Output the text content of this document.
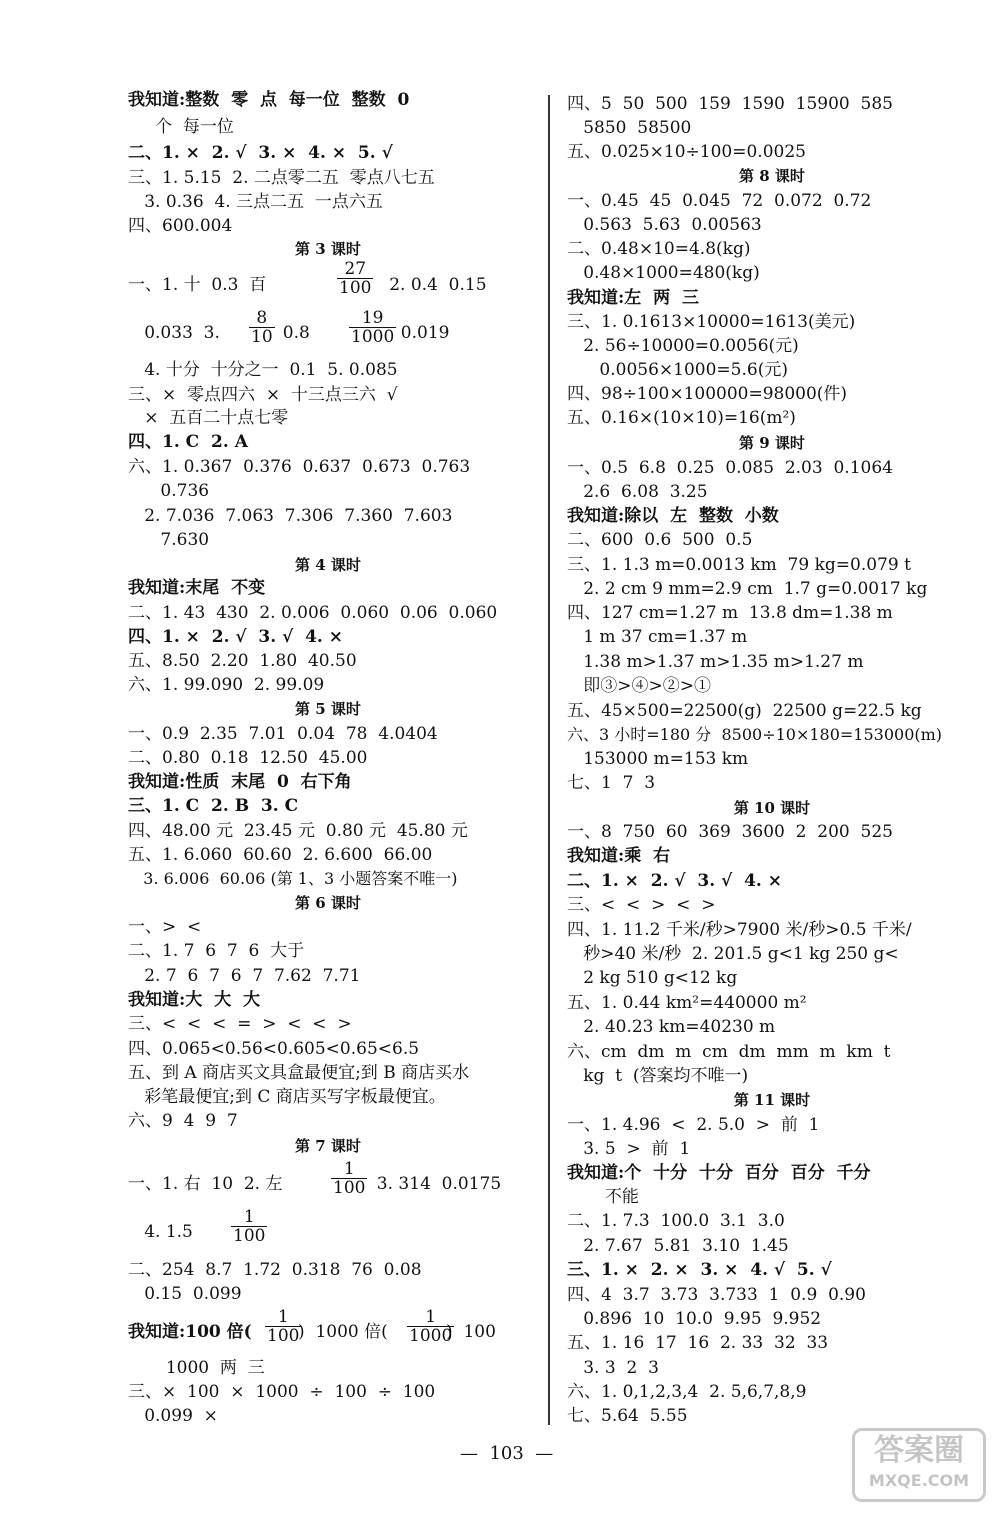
我知道:整数  零  点  每一位  整数  0
个  每一位
二、1. ×  2. √  3. ×  4. ×  5. √
三、1. 5.15  2. 二点零二五  零点八七五
3. 0.36  4. 三点二五  一点六五
四、600.004
第 3 课时
一、1. 十  0.3  百	$\frac{27}{100} 2$. 0.4  0.15
0.033  3. $\frac{8}{10}$
$0.8 \frac{19}{1000}$
0.019
4. 十分  十分之一  0.1  5. 0.085
三、×  零点四六  ×  十三点三六  √
×  五百二十点七零
四、1. C  2. A
六、1. 0.367  0.376  0.637  0.673  0.763
0.736
2. 7.036  7.063  7.306  7.360  7.603
7.630
第 4 课时
我知道:末尾  不变
二、1. 43  430  2. 0.006  0.060  0.06  0.060
四、1. ×  2. √  3. √  4. ×
五、8.50  2.20  1.80  40.50
六、1. 99.090  2. 99.09
第 5 课时
一、0.9  2.35  7.01  0.04  78  4.0404
二、0.80  0.18  12.50  45.00
我知道:性质  末尾  0  右下角
三、1. C  2. B  3. C
四、48.00 元  23.45 元  0.80 元  45.80 元
五、1. 6.060  60.60  2. 6.600  66.00
3. 6.006  60.06 (第 1、3 小题答案不唯一)
第 6 课时
一、>  <
二、1. 7  6  7  6  大于
2. 7  6  7  6  7  7.62  7.71
我知道:大  大  大
三、<  <  <  =  >  <  <  >
四、0.065<0.56<0.605<0.65<6.5
五、到 A 商店买文具盒最便宜;到 B 商店买水
彩笔最便宜;到 C 商店买写字板最便宜。
六、9  4  9  7
第 7 课时
一、1. 右  10  2. 左	$\frac{1}{100}$
3. 314  0.0175
4. $1.5 \frac{1}{100}$
二、254  8.7  1.72  0.318  76  0.08
0.15  0.099
我知道:100 倍( $\frac{1}{100}$
)  1000 倍( $\frac{1}{1000}$
)  100
1000  两  三
三、×  100  ×  1000  ÷  100  ÷  100
0.099  ×
四、5  50  500  159  1590  15900  585
5850  58500
五、0.025×10÷100=0.0025
第 8 课时
一、0.45  45  0.045  72  0.072  0.72
0.563  5.63  0.00563
二、0.48×10=4.8(kg)
0.48×1000=480(kg)
我知道:左  两  三
三、1. 0.1613×10000=1613(美元)
2. 56÷10000=0.0056(元)
0.0056×1000=5.6(元)
四、98÷100×100000=98000(件)
五、0.16×(10×10)=16(m²)
第 9 课时
一、0.5  6.8  0.25  0.085  2.03  0.1064
2.6  6.08  3.25
我知道:除以  左  整数  小数
二、600  0.6  500  0.5
三、1. 1.3 m=0.0013 km  79 kg=0.079 t
2. 2 cm 9 mm=2.9 cm  1.7 g=0.0017 kg
四、127 cm=1.27 m  13.8 dm=1.38 m
1 m 37 cm=1.37 m
1.38 m>1.37 m>1.35 m>1.27 m
即③>④>②>①
五、45×500=22500(g)  22500 g=22.5 kg
六、3 小时=180 分  8500÷10×180=153000(m)
153000 m=153 km
七、1  7  3
第 10 课时
一、8  750  60  369  3600  2  200  525
我知道:乘  右
二、1. ×  2. √  3. √  4. ×
三、<  <  >  <  >
四、1. 11.2 千米/秒>7900 米/秒>0.5 千米/
秒>40 米/秒  2. 201.5 g<1 kg 250 g<
2 kg 510 g<12 kg
五、1. 0.44 km²=440000 m²
2. 40.23 km=40230 m
六、cm  dm  m  cm  dm  mm  m  km  t
kg  t  (答案均不唯一)
第 11 课时
一、1. 4.96  <  2. 5.0  >  前  1
3. 5  >  前  1
我知道:个  十分  十分  百分  百分  千分
不能
二、1. 7.3  100.0  3.1  3.0
2. 7.67  5.81  3.10  1.45
三、1. ×  2. ×  3. ×  4. √  5. √
四、4  3.7  3.73  3.733  1  0.9  0.90
0.896  10  10.0  9.95  9.952
五、1. 16  17  16  2. 33  32  33
3. 3  2  3
六、1. 0,1,2,3,4  2. 5,6,7,8,9
七、5.64  5.55
—  103  —	答案圈
MXQE.COM
